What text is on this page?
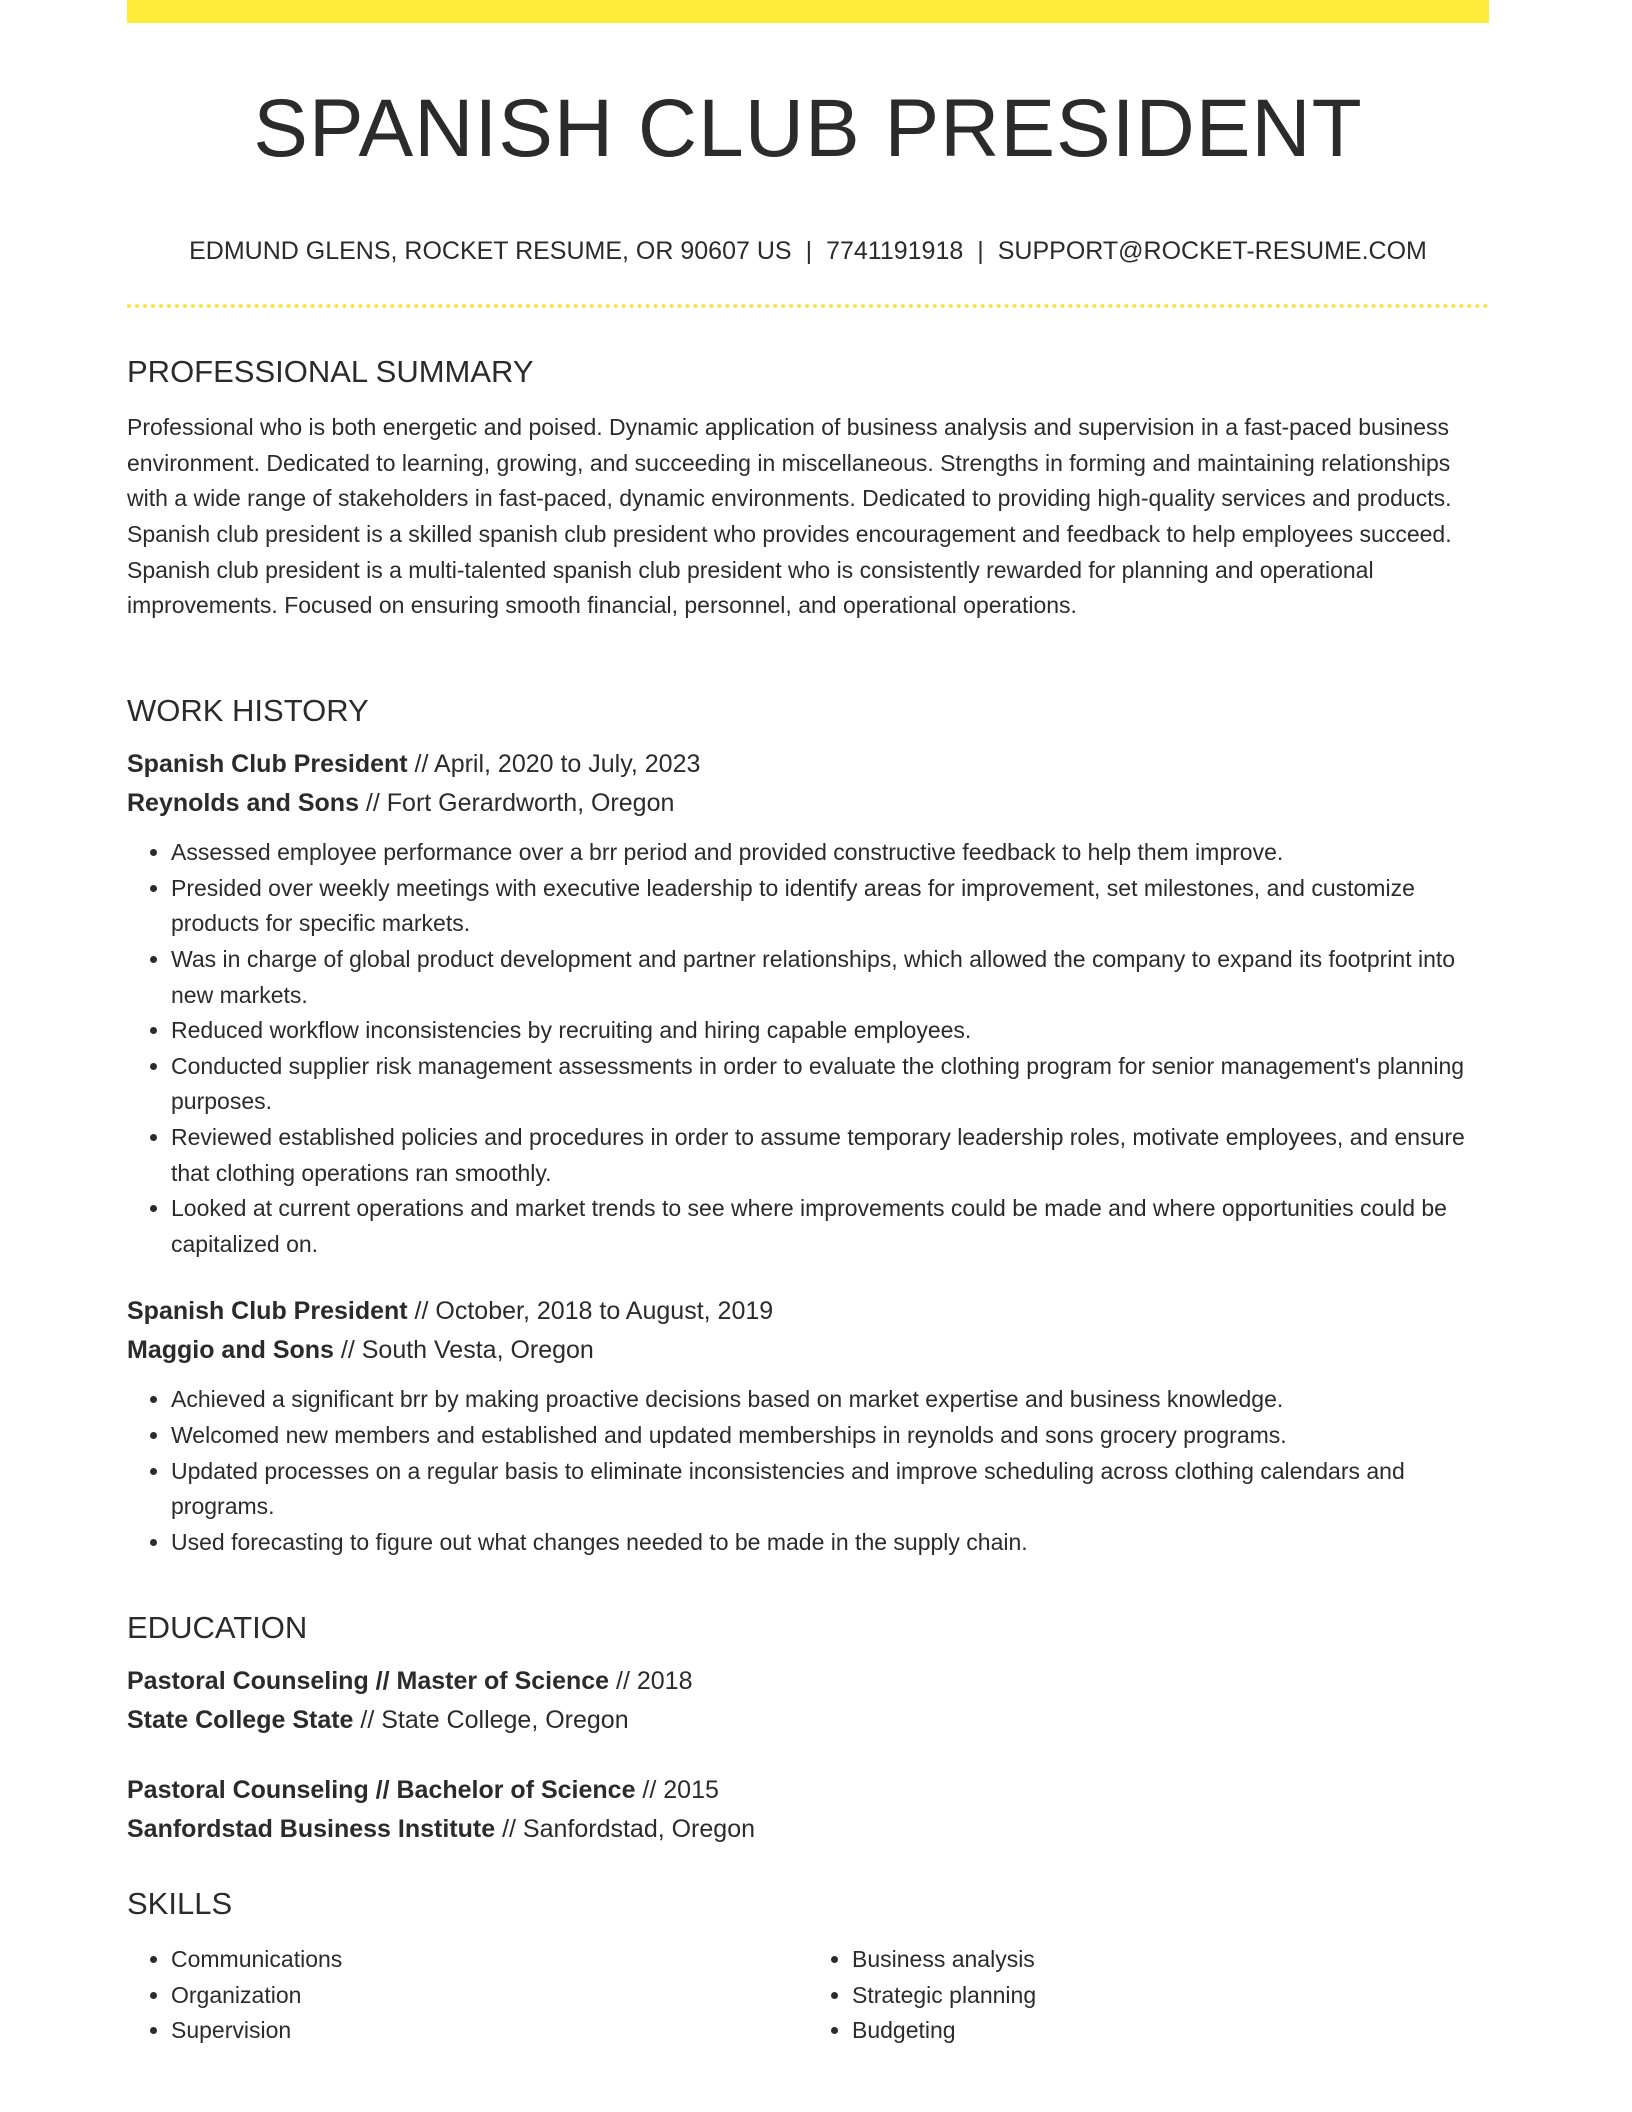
SPANISH CLUB PRESIDENT
EDMUND GLENS, ROCKET RESUME, OR 90607 US | 7741191918 | SUPPORT@ROCKET-RESUME.COM
PROFESSIONAL SUMMARY

Professional who is both energetic and poised. Dynamic application of business analysis and supervision in a fast-paced business environment. Dedicated to learning, growing, and succeeding in miscellaneous. Strengths in forming and maintaining relationships with a wide range of stakeholders in fast-paced, dynamic environments. Dedicated to providing high-quality services and products. Spanish club president is a skilled spanish club president who provides encouragement and feedback to help employees succeed. Spanish club president is a multi-talented spanish club president who is consistently rewarded for planning and operational improvements. Focused on ensuring smooth financial, personnel, and operational operations.

WORK HISTORY
Spanish Club President // April, 2020 to July, 2023
Reynolds and Sons // Fort Gerardworth, Oregon
• Assessed employee performance over a brr period and provided constructive feedback to help them improve.
• Presided over weekly meetings with executive leadership to identify areas for improvement, set milestones, and customize products for specific markets.
• Was in charge of global product development and partner relationships, which allowed the company to expand its footprint into new markets.
• Reduced workflow inconsistencies by recruiting and hiring capable employees.
• Conducted supplier risk management assessments in order to evaluate the clothing program for senior management's planning purposes.
• Reviewed established policies and procedures in order to assume temporary leadership roles, motivate employees, and ensure that clothing operations ran smoothly.
• Looked at current operations and market trends to see where improvements could be made and where opportunities could be capitalized on.
Spanish Club President // October, 2018 to August, 2019
Maggio and Sons // South Vesta, Oregon
• Achieved a significant brr by making proactive decisions based on market expertise and business knowledge.
• Welcomed new members and established and updated memberships in reynolds and sons grocery programs.
• Updated processes on a regular basis to eliminate inconsistencies and improve scheduling across clothing calendars and programs.
• Used forecasting to figure out what changes needed to be made in the supply chain.
EDUCATION
Pastoral Counseling // Master of Science // 2018
State College State // State College, Oregon
Pastoral Counseling // Bachelor of Science // 2015
Sanfordstad Business Institute // Sanfordstad, Oregon
SKILLS
• Communications
• Organization
• Supervision
• Business analysis
• Strategic planning
• Budgeting
